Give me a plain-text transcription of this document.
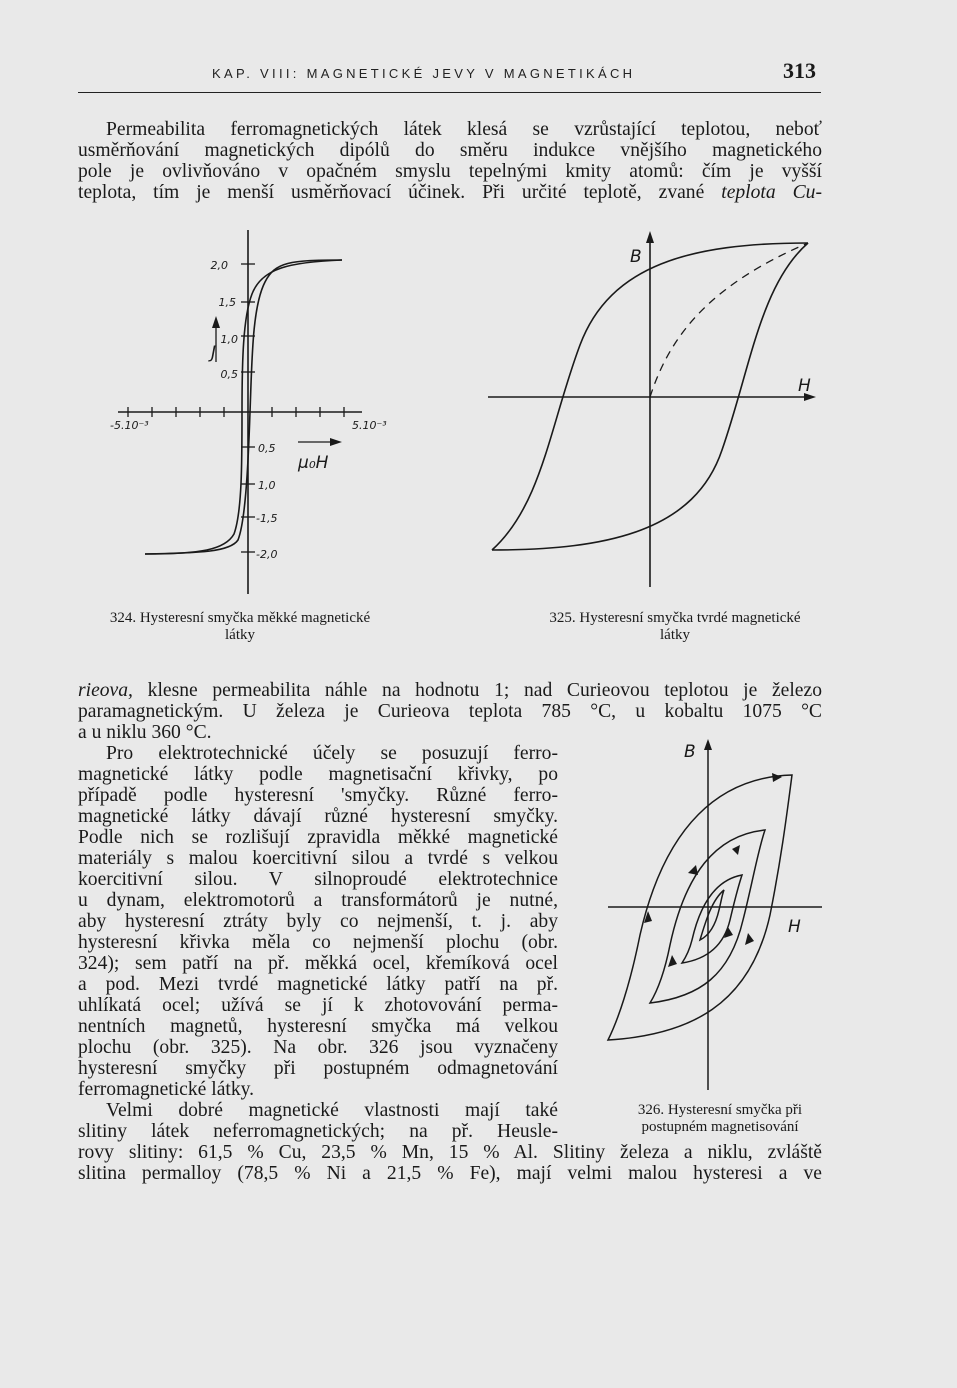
KAP. VIII: MAGNETICKÉ JEVY V MAGNETIKÁCH	313
Permeabilita ferromagnetických látek klesá se vzrůstající teplotou, neboť
usměrňování magnetických dipólů do směru indukce vnějšího magnetického
pole je ovlivňováno v opačném smyslu tepelnými kmity atomů: čím je vyšší
teplota, tím je menší usměrňovací účinek. Při určité teplotě, zvané teplota Cu-
J
2,0
1,5
1,0
0,5
0,5
1,0
-1,5
-2,0
-5.10⁻³	5.10⁻³
μ₀H
B
H
324. Hysteresní smyčka měkké magnetické
látky
325. Hysteresní smyčka tvrdé magnetické
látky
rieova, klesne permeabilita náhle na hodnotu 1; nad Curieovou teplotou je železo
paramagnetickým. U železa je Curieova teplota 785 °C, u kobaltu 1075 °C
a u niklu 360 °C.
Pro elektrotechnické účely se posuzují ferro-
magnetické látky podle magnetisační křivky, po
případě podle hysteresní 'smyčky. Různé ferro-
magnetické látky dávají různé hysteresní smyčky.
Podle nich se rozlišují zpravidla měkké magnetické
materiály s malou koercitivní silou a tvrdé s velkou
koercitivní silou. V silnoproudé elektrotechnice
u dynam, elektromotorů a transformátorů je nutné,
aby hysteresní ztráty byly co nejmenší, t. j. aby
hysteresní křivka měla co nejmenší plochu (obr.
324); sem patří na př. měkká ocel, křemíková ocel
a pod. Mezi tvrdé magnetické látky patří na př.
uhlíkatá ocel; užívá se jí k zhotovování perma-
nentních magnetů, hysteresní smyčka má velkou
plochu (obr. 325). Na obr. 326 jsou vyznačeny
hysteresní smyčky při postupném odmagnetování
ferromagnetické látky.
Velmi dobré magnetické vlastnosti mají také
slitiny látek neferromagnetických; na př. Heusle-
rovy slitiny: 61,5 % Cu, 23,5 % Mn, 15 % Al. Slitiny železa a niklu, zvláště
slitina permalloy (78,5 % Ni a 21,5 % Fe), mají velmi malou hysteresi a ve
B
H
326. Hysteresní smyčka při
postupném magnetisování
